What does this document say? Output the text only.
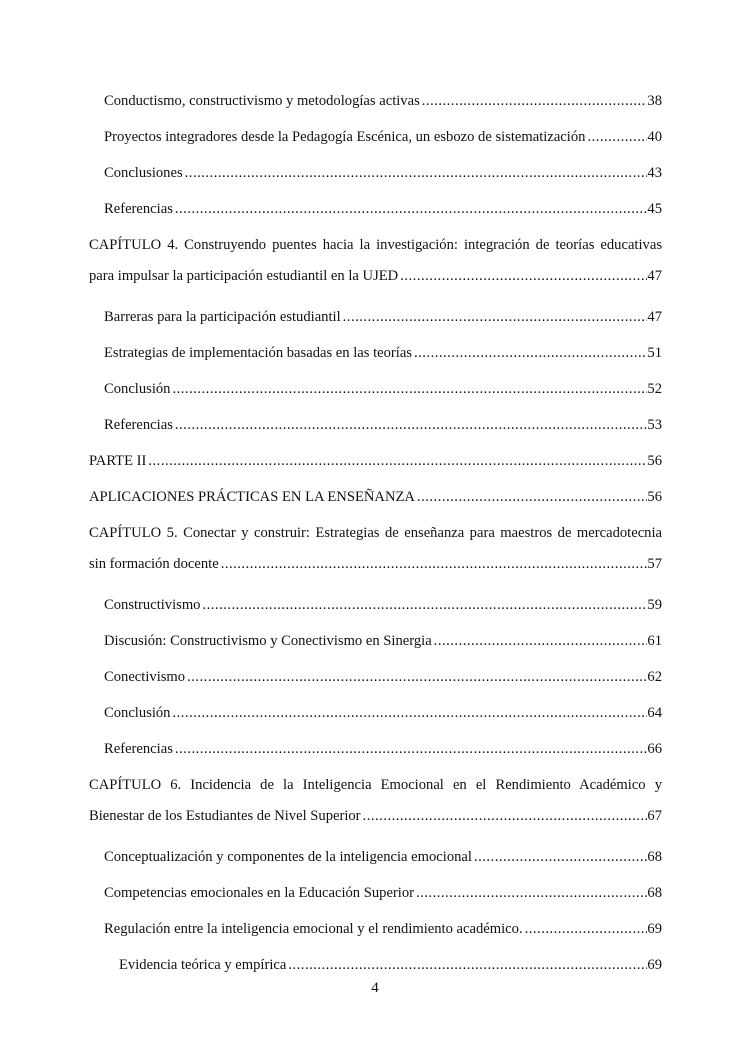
Conductismo, constructivismo y metodologías activas .....	38
Proyectos integradores desde la Pedagogía Escénica, un esbozo de sistematización .....	40
Conclusiones .....	43
Referencias .....	45
CAPÍTULO 4. Construyendo puentes hacia la investigación: integración de teorías educativas
para impulsar la participación estudiantil en la UJED .....	47
Barreras para la participación estudiantil .....	47
Estrategias de implementación basadas en las teorías .....	51
Conclusión .....	52
Referencias .....	53
PARTE II .....	56
APLICACIONES PRÁCTICAS EN LA ENSEÑANZA .....	56
CAPÍTULO 5. Conectar y construir: Estrategias de enseñanza para maestros de mercadotecnia
sin formación docente .....	57
Constructivismo .....	59
Discusión: Constructivismo y Conectivismo en Sinergia .....	61
Conectivismo .....	62
Conclusión .....	64
Referencias .....	66
CAPÍTULO 6. Incidencia de la Inteligencia Emocional en el Rendimiento Académico y
Bienestar de los Estudiantes de Nivel Superior .....	67
Conceptualización y componentes de la inteligencia emocional .....	68
Competencias emocionales en la Educación Superior .....	68
Regulación entre la inteligencia emocional y el rendimiento académico. .....	69
Evidencia teórica y empírica .....	69
4
